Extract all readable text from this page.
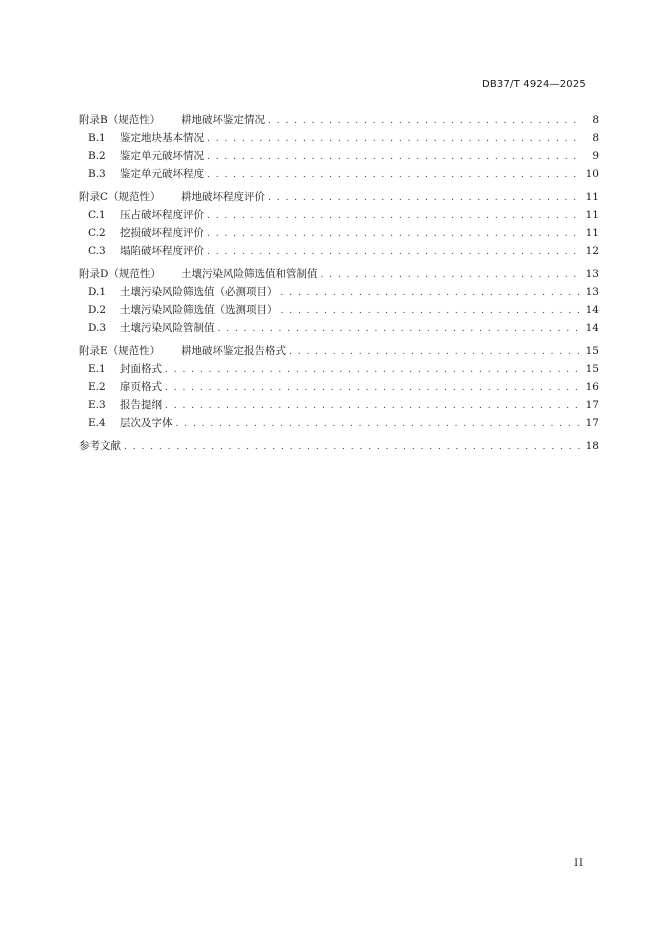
DB37/T 4924—2025
附录B（规范性）	耕地破坏鉴定情况 . . .	8
B.1	鉴定地块基本情况 . . .	8
B.2	鉴定单元破坏情况 . . .	9
B.3	鉴定单元破坏程度 . . .	10
附录C（规范性）	耕地破坏程度评价 . . .	11
C.1	压占破坏程度评价 . . .	11
C.2	挖损破坏程度评价 . . .	11
C.3	塌陷破坏程度评价 . . .	12
附录D（规范性）	土壤污染风险筛选值和管制值 . . .	13
D.1	土壤污染风险筛选值（必测项目） . . .	13
D.2	土壤污染风险筛选值（选测项目） . . .	14
D.3	土壤污染风险管制值 . . .	14
附录E（规范性）	耕地破坏鉴定报告格式 . . .	15
E.1	封面格式 . . .	15
E.2	扉页格式 . . .	16
E.3	报告提纲 . . .	17
E.4	层次及字体 . . .	17
参考文献 . . .	18
II
